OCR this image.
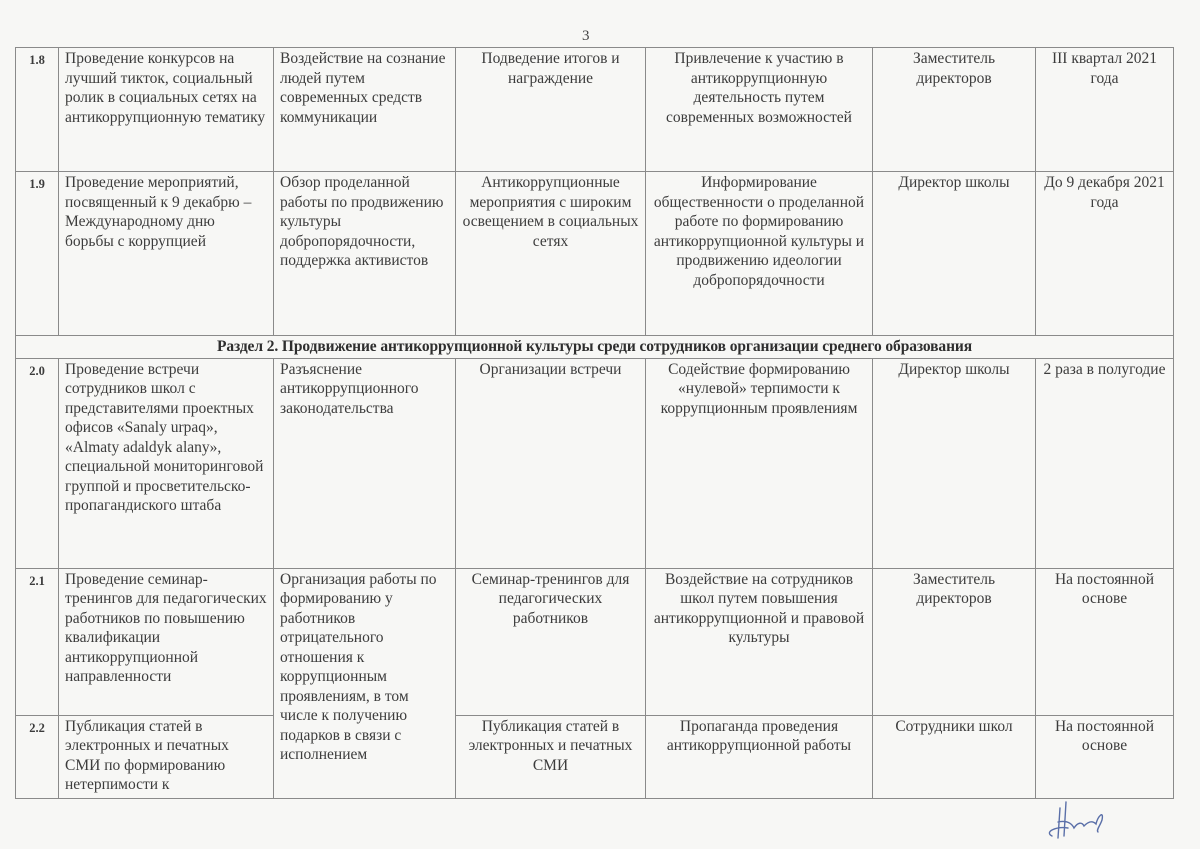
3
1.8	Проведение конкурсов на лучший тикток, социальный ролик в социальных сетях на антикоррупционную тематику	Воздействие на сознание людей путем современных средств коммуникации	Подведение итогов и награждение	Привлечение к участию в антикоррупционную деятельность путем современных возможностей	Заместитель директоров	III квартал 2021 года
1.9	Проведение мероприятий, посвященный к 9 декабрю – Международному дню борьбы с коррупцией	Обзор проделанной работы по продвижению культуры добропорядочности, поддержка активистов	Антикоррупционные мероприятия с широким освещением в социальных сетях	Информирование общественности о проделанной работе по формированию антикоррупционной культуры и продвижению идеологии добропорядочности	Директор школы	До 9 декабря 2021 года
Раздел 2. Продвижение антикоррупционной культуры среди сотрудников организации среднего образования						
2.0	Проведение встречи сотрудников школ с представителями проектных офисов «Sanaly urpaq», «Almaty adaldyk alany», специальной мониторинговой группой и просветительско-пропагандиского штаба	Разъяснение антикоррупционного законодательства	Организации встречи	Содействие формированию «нулевой» терпимости к коррупционным проявлениям	Директор школы	2 раза в полугодие
2.1	Проведение семинар-тренингов для педагогических работников по повышению квалификации антикоррупционной направленности	Организация работы по формированию у работников отрицательного отношения к коррупционным проявлениям, в том числе к получению подарков в связи с исполнением	Семинар-тренингов для педагогических работников	Воздействие на сотрудников школ путем повышения антикоррупционной и правовой культуры	Заместитель директоров	На постоянной основе
2.2	Публикация статей в электронных и печатных СМИ по формированию нетерпимости к		Публикация статей в электронных и печатных СМИ	Пропаганда проведения антикоррупционной работы	Сотрудники школ	На постоянной основе
